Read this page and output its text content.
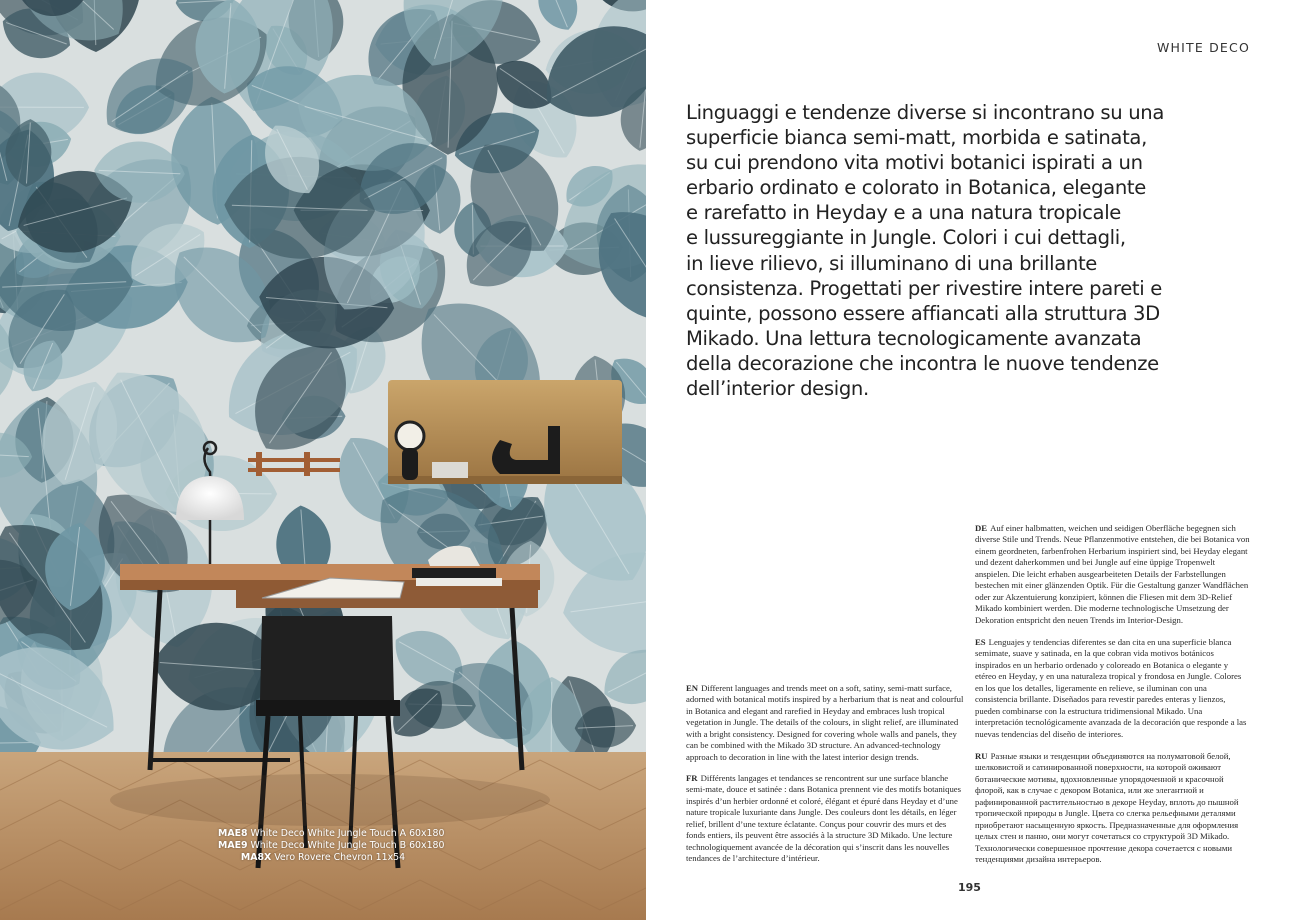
MAE8 White Deco White Jungle Touch A 60x180
MAE9 White Deco White Jungle Touch B 60x180
MA8X Vero Rovere Chevron 11x54
WHITE DECO
Linguaggi e tendenze diverse si incontrano su una
superficie bianca semi-matt, morbida e satinata,
su cui prendono vita motivi botanici ispirati a un
erbario ordinato e colorato in Botanica, elegante
e rarefatto in Heyday e a una natura tropicale
e lussureggiante in Jungle. Colori i cui dettagli,
in lieve rilievo, si illuminano di una brillante
consistenza. Progettati per rivestire intere pareti e
quinte, possono essere affiancati alla struttura 3D
Mikado. Una lettura tecnologicamente avanzata
della decorazione che incontra le nuove tendenze
dell’interior design.
EN Different languages and trends meet on a soft, satiny, semi-matt surface, adorned with botanical motifs inspired by a herbarium that is neat and colourful in Botanica and elegant and rarefied in Heyday and embraces lush tropical vegetation in Jungle. The details of the colours, in slight relief, are illuminated with a bright consistency. Designed for covering whole walls and panels, they can be combined with the Mikado 3D structure. An advanced-technology approach to decoration in line with the latest interior design trends.
FR Différents langages et tendances se rencontrent sur une surface blanche semi-mate, douce et satinée : dans Botanica prennent vie des motifs botaniques inspirés d’un herbier ordonné et coloré, élégant et épuré dans Heyday et d’une nature tropicale luxuriante dans Jungle. Des couleurs dont les détails, en léger relief, brillent d’une texture éclatante. Conçus pour couvrir des murs et des fonds entiers, ils peuvent être associés à la structure 3D Mikado. Une lecture technologiquement avancée de la décoration qui s’inscrit dans les nouvelles tendances de l’architecture d’intérieur.
DE Auf einer halbmatten, weichen und seidigen Oberfläche begegnen sich diverse Stile und Trends. Neue Pflanzenmotive entstehen, die bei Botanica von einem geordneten, farbenfrohen Herbarium inspiriert sind, bei Heyday elegant und dezent daherkommen und bei Jungle auf eine üppige Tropenwelt anspielen. Die leicht erhaben ausgearbeiteten Details der Farbstellungen bestechen mit einer glänzenden Optik. Für die Gestaltung ganzer Wandflächen oder zur Akzentuierung konzipiert, können die Fliesen mit dem 3D-Relief Mikado kombiniert werden. Die moderne technologische Umsetzung der Dekoration entspricht den neuen Trends im Interior-Design.
ES Lenguajes y tendencias diferentes se dan cita en una superficie blanca semimate, suave y satinada, en la que cobran vida motivos botánicos inspirados en un herbario ordenado y coloreado en Botanica o elegante y etéreo en Heyday, y en una naturaleza tropical y frondosa en Jungle. Colores en los que los detalles, ligeramente en relieve, se iluminan con una consistencia brillante. Diseñados para revestir paredes enteras y lienzos, pueden combinarse con la estructura tridimensional Mikado. Una interpretación tecnológicamente avanzada de la decoración que responde a las nuevas tendencias del diseño de interiores.
RU Разные языки и тенденции объединяются на полуматовой белой, шелковистой и сатинированной поверхности, на которой оживают ботанические мотивы, вдохновленные упорядоченной и красочной флорой, как в случае с декором Botanica, или же элегантной и рафинированной растительностью в декоре Heyday, вплоть до пышной тропической природы в Jungle. Цвета со слегка рельефными деталями приобретают насыщенную яркость. Предназначенные для оформления целых стен и панно, они могут сочетаться со структурой 3D Mikado. Технологически совершенное прочтение декора сочетается с новыми тенденциями дизайна интерьеров.
195
